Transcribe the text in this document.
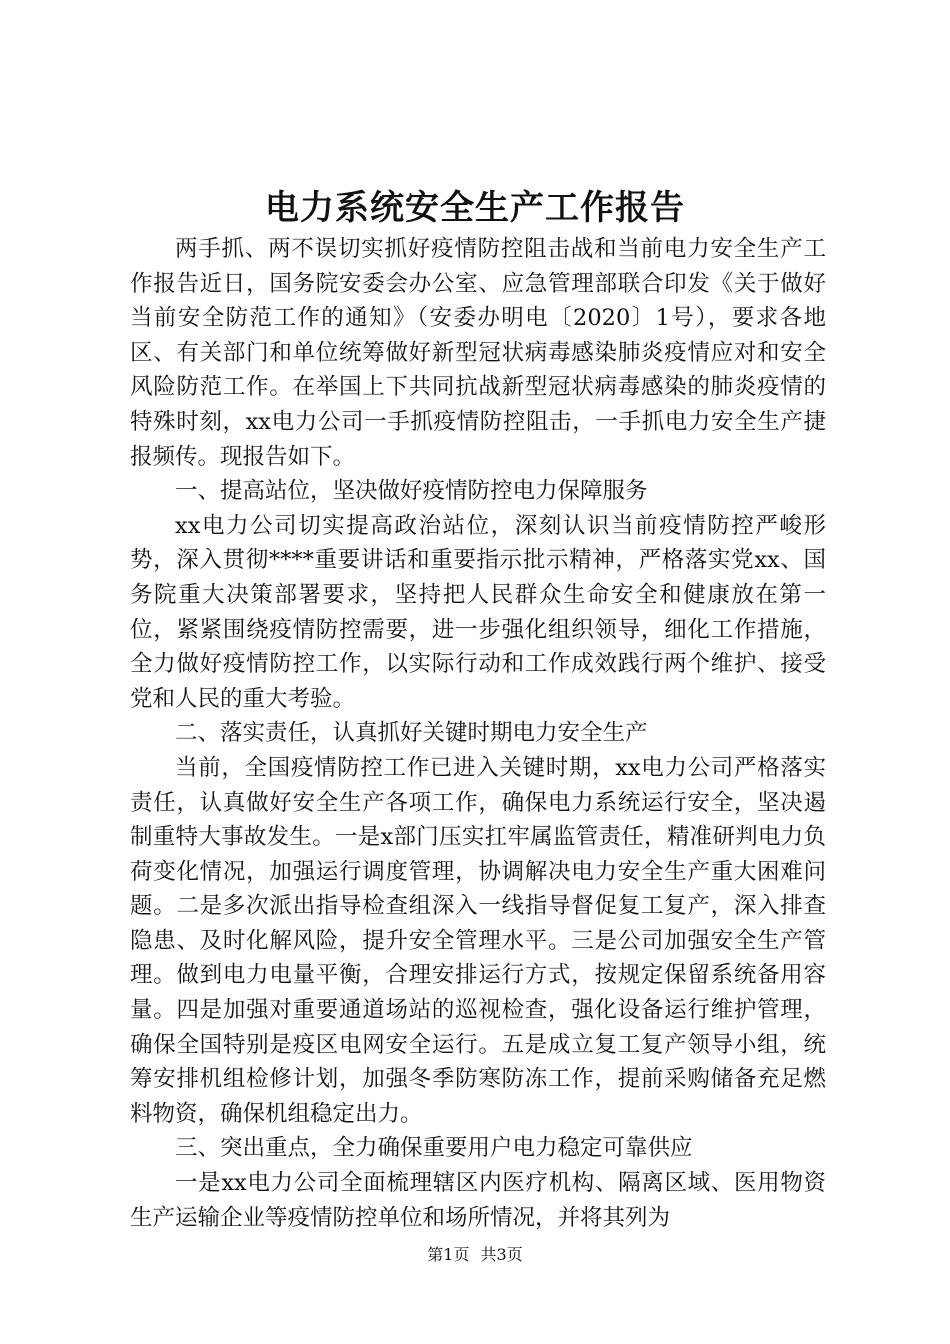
电力系统安全生产工作报告

两手抓、两不误切实抓好疫情防控阻击战和当前电力安全生产工作报告近日，国务院安委会办公室、应急管理部联合印发《关于做好当前安全防范工作的通知》（安委办明电〔2020〕1号），要求各地区、有关部门和单位统筹做好新型冠状病毒感染肺炎疫情应对和安全风险防范工作。在举国上下共同抗战新型冠状病毒感染的肺炎疫情的特殊时刻，xx电力公司一手抓疫情防控阻击，一手抓电力安全生产捷报频传。现报告如下。

一、提高站位，坚决做好疫情防控电力保障服务

xx电力公司切实提高政治站位，深刻认识当前疫情防控严峻形势，深入贯彻****重要讲话和重要指示批示精神，严格落实党xx、国务院重大决策部署要求，坚持把人民群众生命安全和健康放在第一位，紧紧围绕疫情防控需要，进一步强化组织领导，细化工作措施，全力做好疫情防控工作，以实际行动和工作成效践行两个维护、接受党和人民的重大考验。

二、落实责任，认真抓好关键时期电力安全生产

当前，全国疫情防控工作已进入关键时期，xx电力公司严格落实责任，认真做好安全生产各项工作，确保电力系统运行安全，坚决遏制重特大事故发生。一是x部门压实扛牢属监管责任，精准研判电力负荷变化情况，加强运行调度管理，协调解决电力安全生产重大困难问题。二是多次派出指导检查组深入一线指导督促复工复产，深入排查隐患、及时化解风险，提升安全管理水平。三是公司加强安全生产管理。做到电力电量平衡，合理安排运行方式，按规定保留系统备用容量。四是加强对重要通道场站的巡视检查，强化设备运行维护管理，确保全国特别是疫区电网安全运行。五是成立复工复产领导小组，统筹安排机组检修计划，加强冬季防寒防冻工作，提前采购储备充足燃料物资，确保机组稳定出力。

三、突出重点，全力确保重要用户电力稳定可靠供应

一是xx电力公司全面梳理辖区内医疗机构、隔离区域、医用物资生产运输企业等疫情防控单位和场所情况，并将其列为

第1页 共3页
